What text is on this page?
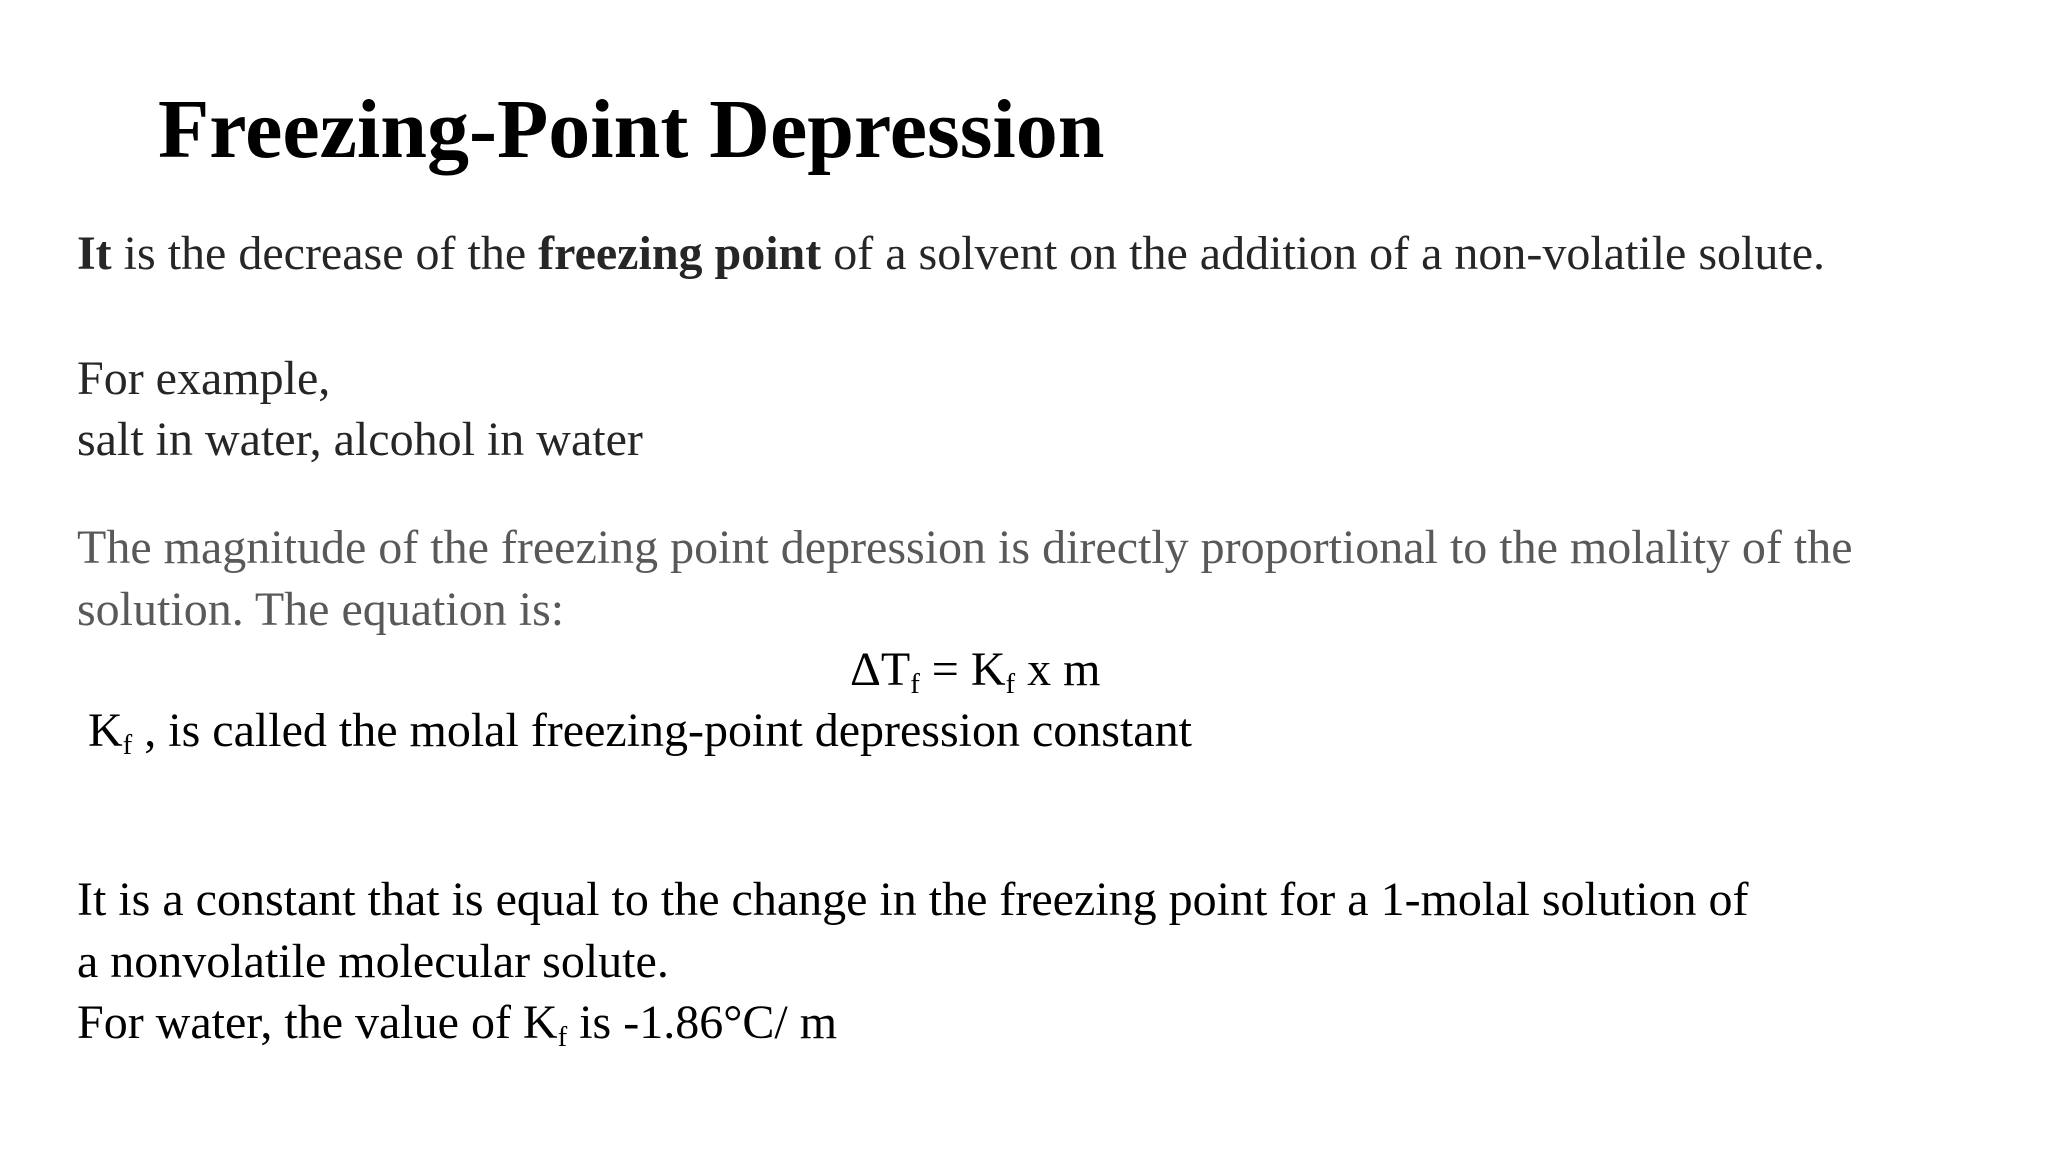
Freezing-Point Depression
It is the decrease of the freezing point of a solvent on the addition of a non-volatile solute.
For example,
salt in water, alcohol in water
The magnitude of the freezing point depression is directly proportional to the molality of the
solution. The equation is:
$\Delta T_f = K_f$ x m
$K_f$ , is called the molal freezing-point depression constant
It is a constant that is equal to the change in the freezing point for a 1-molal solution of
a nonvolatile molecular solute.
For water, the value of $K_f$ is -1.86°C/ m
